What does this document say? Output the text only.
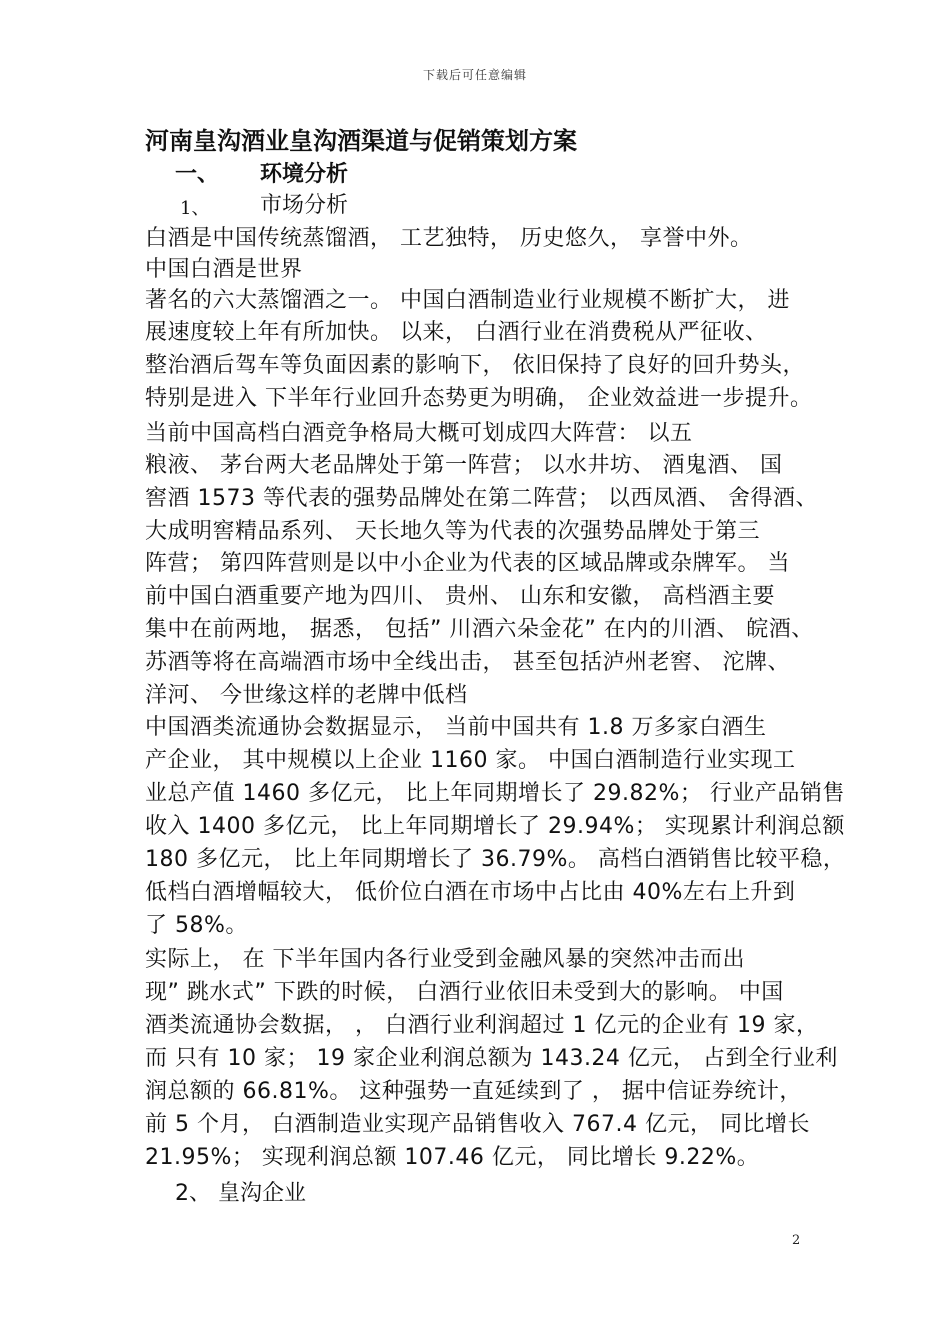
下载后可任意编辑
河南皇沟酒业皇沟酒渠道与促销策划方案
一、 环境分析
1、 市场分析
白酒是中国传统蒸馏酒， 工艺独特， 历史悠久， 享誉中外。
中国白酒是世界
著名的六大蒸馏酒之一。 中国白酒制造业行业规模不断扩大， 进
展速度较上年有所加快。 以来， 白酒行业在消费税从严征收、
整治酒后驾车等负面因素的影响下， 依旧保持了良好的回升势头，
特别是进入 下半年行业回升态势更为明确， 企业效益进一步提升。
当前中国高档白酒竞争格局大概可划成四大阵营： 以五
粮液、 茅台两大老品牌处于第一阵营； 以水井坊、 酒鬼酒、 国
窖酒 1573 等代表的强势品牌处在第二阵营； 以西凤酒、 舍得酒、
大成明窖精品系列、 天长地久等为代表的次强势品牌处于第三
阵营； 第四阵营则是以中小企业为代表的区域品牌或杂牌军。 当
前中国白酒重要产地为四川、 贵州、 山东和安徽， 高档酒主要
集中在前两地， 据悉， 包括” 川酒六朵金花” 在内的川酒、 皖酒、
苏酒等将在高端酒市场中全线出击， 甚至包括泸州老窖、 沱牌、
洋河、 今世缘这样的老牌中低档
中国酒类流通协会数据显示， 当前中国共有 1.8 万多家白酒生
产企业， 其中规模以上企业 1160 家。 中国白酒制造行业实现工
业总产值 1460 多亿元， 比上年同期增长了 29.82%； 行业产品销售
收入 1400 多亿元， 比上年同期增长了 29.94%； 实现累计利润总额
180 多亿元， 比上年同期增长了 36.79%。 高档白酒销售比较平稳，
低档白酒增幅较大， 低价位白酒在市场中占比由 40%左右上升到
了 58%。
实际上， 在 下半年国内各行业受到金融风暴的突然冲击而出
现” 跳水式” 下跌的时候， 白酒行业依旧未受到大的影响。 中国
酒类流通协会数据， ， 白酒行业利润超过 1 亿元的企业有 19 家，
而 只有 10 家； 19 家企业利润总额为 143.24 亿元， 占到全行业利
润总额的 66.81%。 这种强势一直延续到了 ， 据中信证券统计，
前 5 个月， 白酒制造业实现产品销售收入 767.4 亿元， 同比增长
21.95%； 实现利润总额 107.46 亿元， 同比增长 9.22%。
2、 皇沟企业
2
